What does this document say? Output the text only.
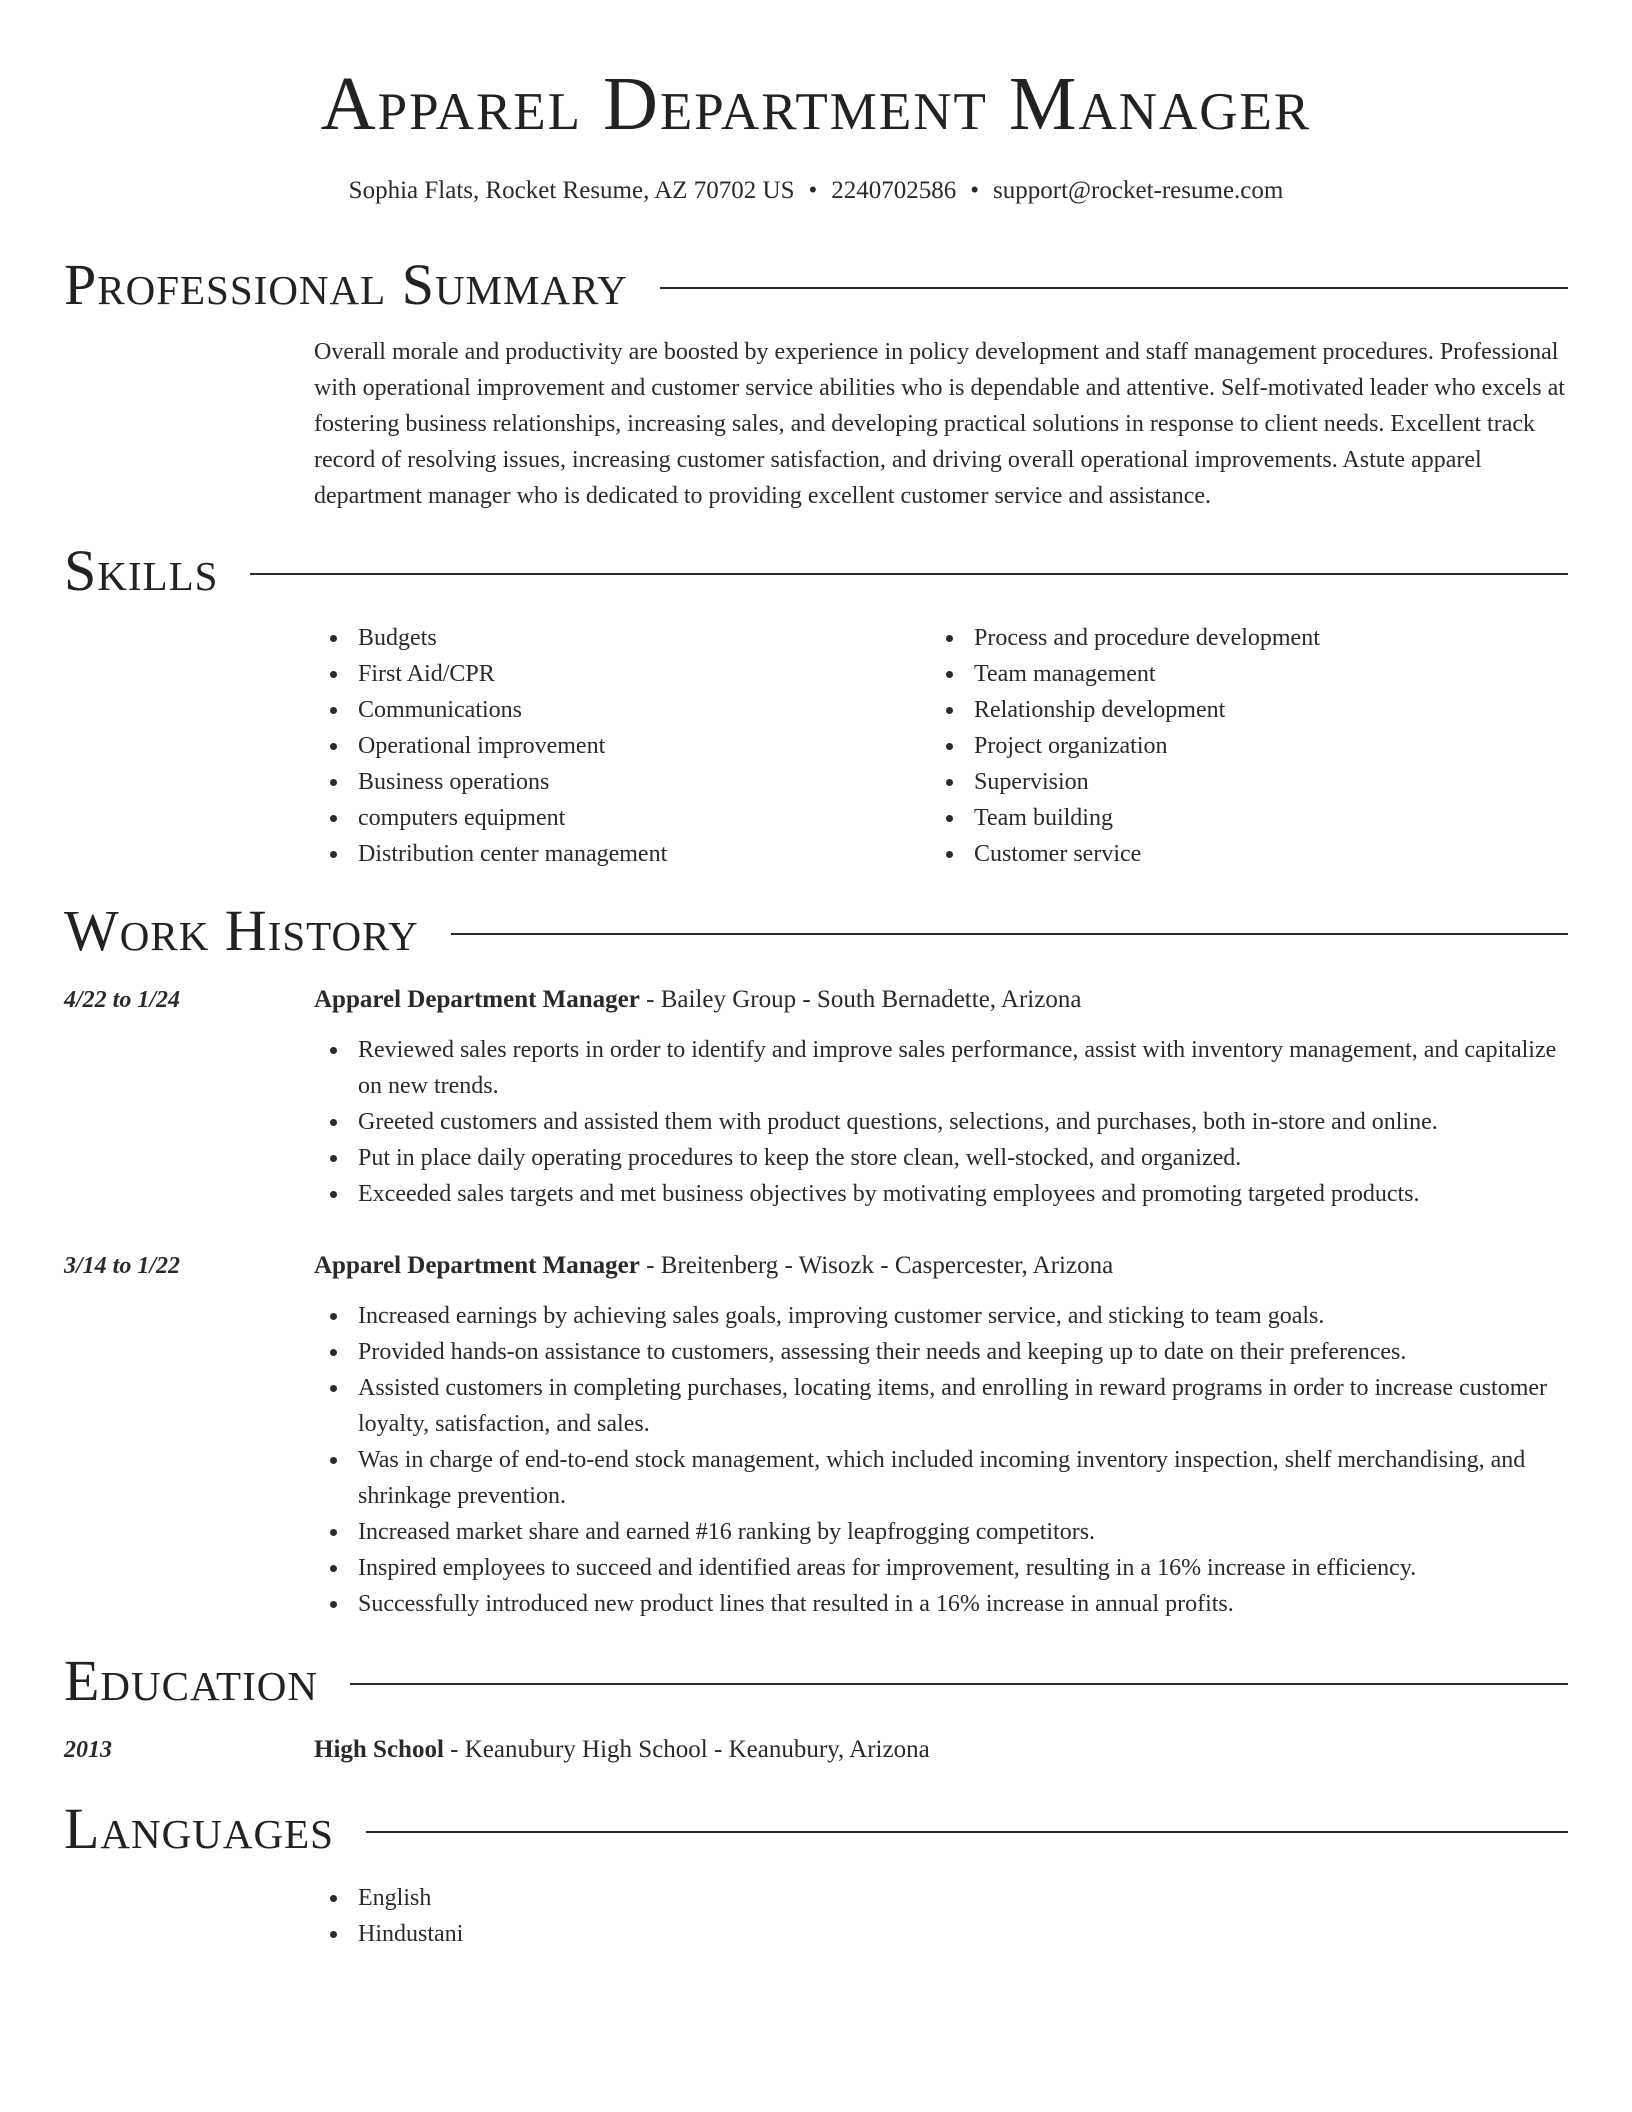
Apparel Department Manager
Sophia Flats, Rocket Resume, AZ 70702 US • 2240702586 • support@rocket-resume.com
Professional Summary

Overall morale and productivity are boosted by experience in policy development and staff management procedures. Professional with operational improvement and customer service abilities who is dependable and attentive. Self-motivated leader who excels at fostering business relationships, increasing sales, and developing practical solutions in response to client needs. Excellent track record of resolving issues, increasing customer satisfaction, and driving overall operational improvements. Astute apparel department manager who is dedicated to providing excellent customer service and assistance.

Skills
Budgets
First Aid/CPR
Communications
Operational improvement
Business operations
computers equipment
Distribution center management
Process and procedure development
Team management
Relationship development
Project organization
Supervision
Team building
Customer service
Work History
4/22 to 1/24	Apparel Department Manager - Bailey Group - South Bernadette, Arizona
Reviewed sales reports in order to identify and improve sales performance, assist with inventory management, and capitalize on new trends.
Greeted customers and assisted them with product questions, selections, and purchases, both in-store and online.
Put in place daily operating procedures to keep the store clean, well-stocked, and organized.
Exceeded sales targets and met business objectives by motivating employees and promoting targeted products.
3/14 to 1/22	Apparel Department Manager - Breitenberg - Wisozk - Caspercester, Arizona
Increased earnings by achieving sales goals, improving customer service, and sticking to team goals.
Provided hands-on assistance to customers, assessing their needs and keeping up to date on their preferences.
Assisted customers in completing purchases, locating items, and enrolling in reward programs in order to increase customer loyalty, satisfaction, and sales.
Was in charge of end-to-end stock management, which included incoming inventory inspection, shelf merchandising, and shrinkage prevention.
Increased market share and earned #16 ranking by leapfrogging competitors.
Inspired employees to succeed and identified areas for improvement, resulting in a 16% increase in efficiency.
Successfully introduced new product lines that resulted in a 16% increase in annual profits.
Education
2013	High School - Keanubury High School - Keanubury, Arizona
Languages
English
Hindustani
